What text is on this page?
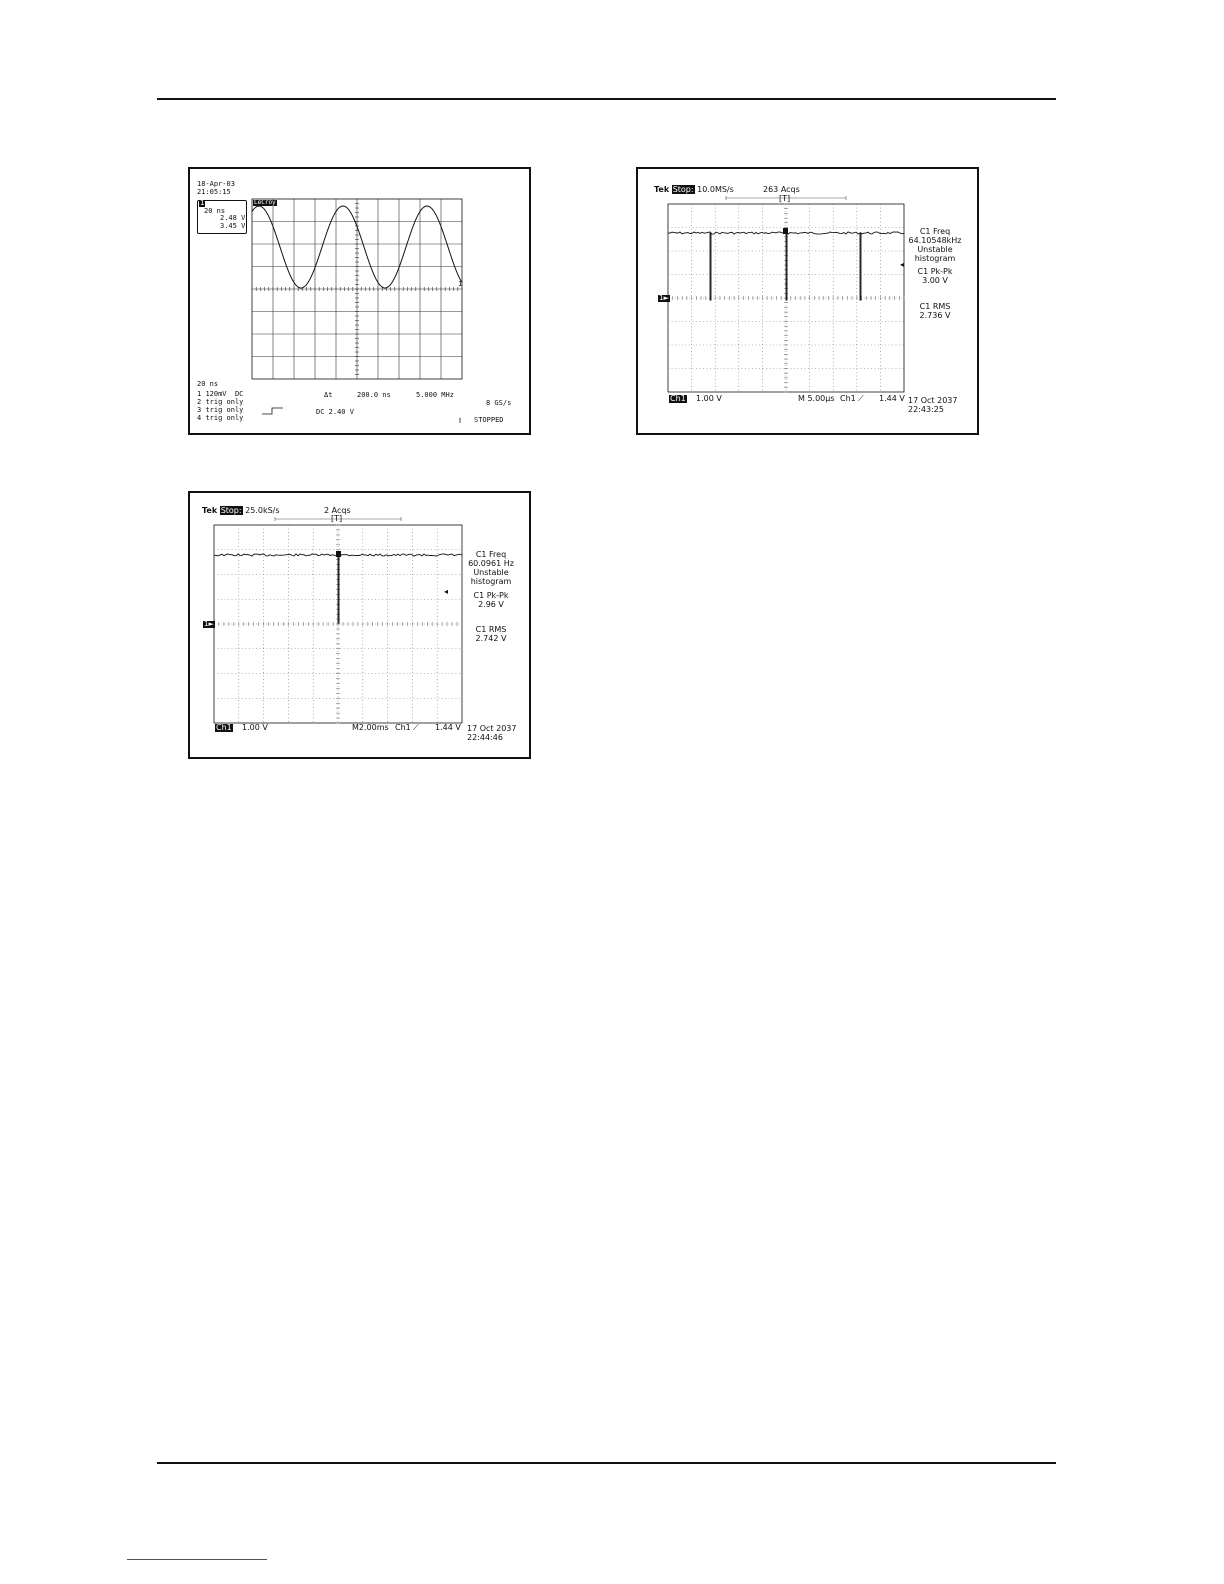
18-Apr-03
21:05:15
1
20 ns
2.48 V
3.45 V
LeCroy
1
20 ns
1 120mV  DC
2 trig only
3 trig only
4 trig only
Δt	200.0 ns	5.000 MHz
8 GS/s
DC 2.40 V
▯ STOPPED
Tek Stop: 10.0MS/s	263 Acqs
[T]
1►
C1 Freq
64.10548kHz
Unstable
histogram
C1 Pk-Pk
3.00 V
C1 RMS
2.736 V
◂
Ch1 1.00 V	M 5.00µs Ch1 ⟋ 1.44 V 17 Oct 2037
22:43:25
Tek Stop: 25.0kS/s	2 Acqs
[T]
1►
C1 Freq
60.0961 Hz
Unstable
histogram
C1 Pk-Pk
2.96 V
C1 RMS
2.742 V
◂
Ch1 1.00 V	M2.00ms Ch1 ⟋ 1.44 V 17 Oct 2037
22:44:46
